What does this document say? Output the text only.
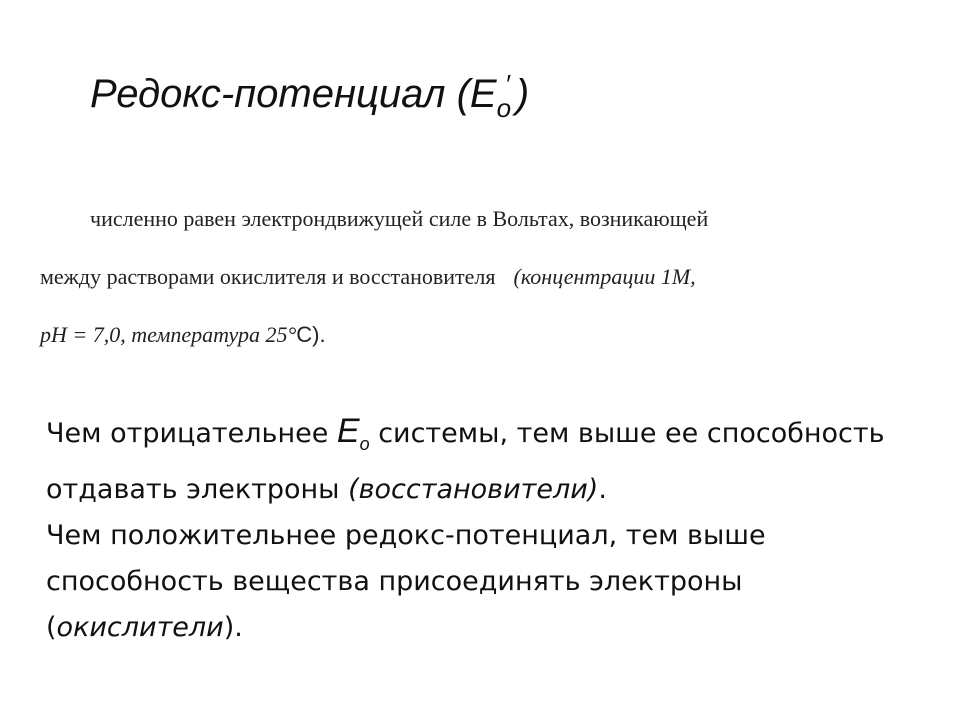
Редокс-потенциал ($E_o'$ )
численно равен электрондвижущей силе в Вольтах, возникающей
между растворами окислителя и восстановителя (концентрации 1М,
рН = 7,0, температура 25°С).
Чем отрицательнее $E_o$ системы, тем выше ее способность отдавать электроны (восстановители).
Чем положительнее редокс-потенциал, тем выше способность вещества присоединять электроны (окислители).
